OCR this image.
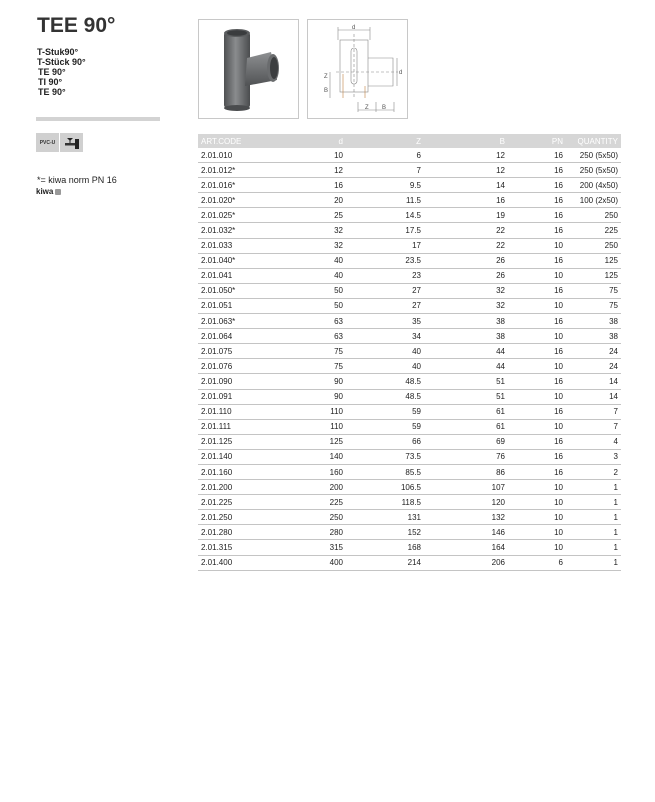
TEE 90°
T-Stuk90°
T-Stück 90°
TE 90°
TI 90°
TE 90°
PVC-U
*= kiwa norm PN 16
kiwa
d
d
Z
B
Z B
ART.CODE	d	Z	B	PN	QUANTITY
2.01.010	10	6	12	16	250 (5x50)
2.01.012*	12	7	12	16	250 (5x50)
2.01.016*	16	9.5	14	16	200 (4x50)
2.01.020*	20	11.5	16	16	100 (2x50)
2.01.025*	25	14.5	19	16	250
2.01.032*	32	17.5	22	16	225
2.01.033	32	17	22	10	250
2.01.040*	40	23.5	26	16	125
2.01.041	40	23	26	10	125
2.01.050*	50	27	32	16	75
2.01.051	50	27	32	10	75
2.01.063*	63	35	38	16	38
2.01.064	63	34	38	10	38
2.01.075	75	40	44	16	24
2.01.076	75	40	44	10	24
2.01.090	90	48.5	51	16	14
2.01.091	90	48.5	51	10	14
2.01.110	110	59	61	16	7
2.01.111	110	59	61	10	7
2.01.125	125	66	69	16	4
2.01.140	140	73.5	76	16	3
2.01.160	160	85.5	86	16	2
2.01.200	200	106.5	107	10	1
2.01.225	225	118.5	120	10	1
2.01.250	250	131	132	10	1
2.01.280	280	152	146	10	1
2.01.315	315	168	164	10	1
2.01.400	400	214	206	6	1
